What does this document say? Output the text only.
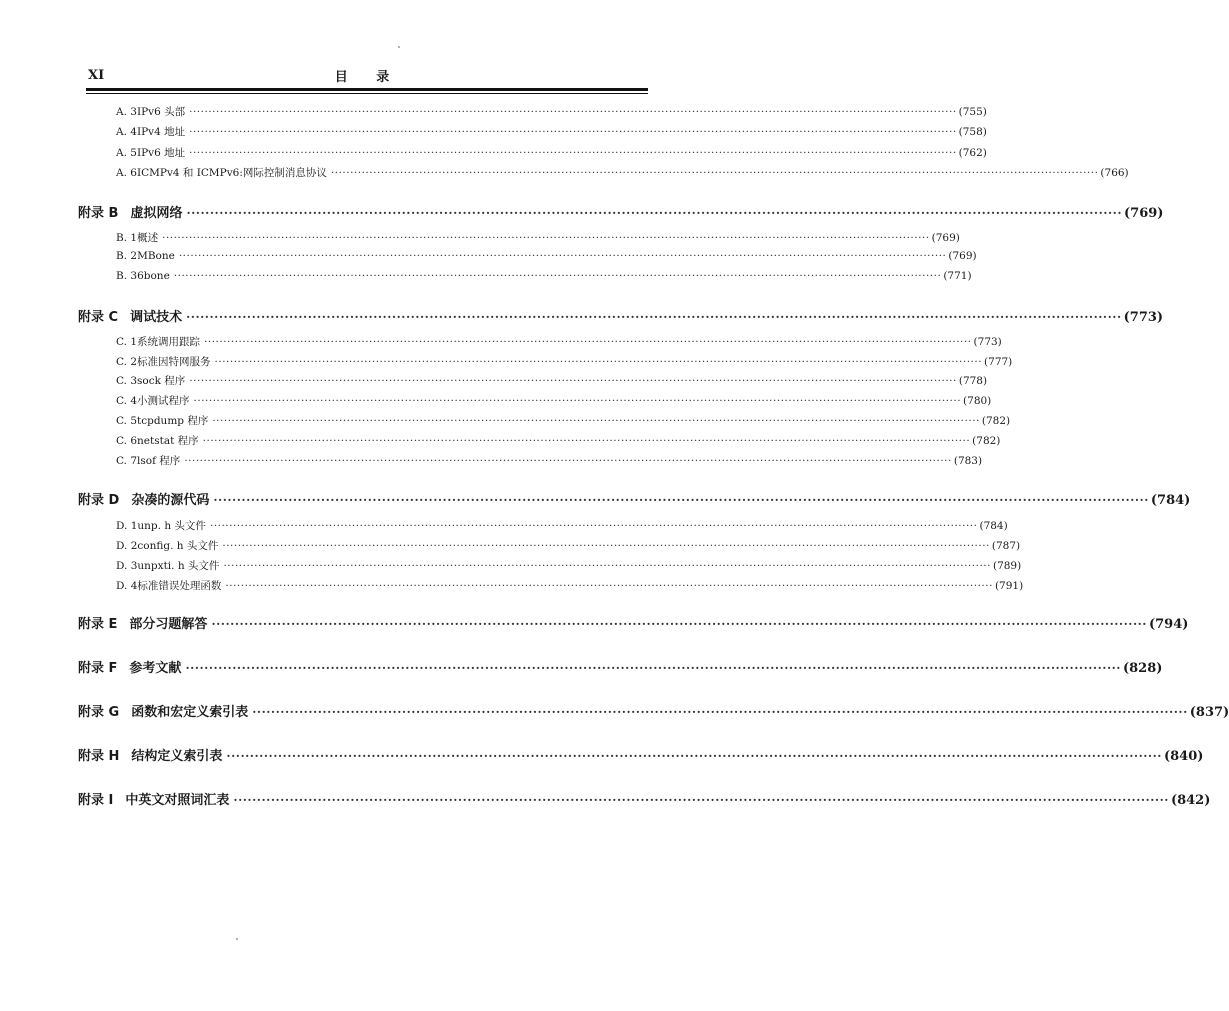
XI	目 录
A. 3 IPv6 头部 ········································································································································································································ (755)
A. 4 IPv4 地址 ········································································································································································································ (758)
A. 5 IPv6 地址 ········································································································································································································ (762)
A. 6 ICMPv4 和 ICMPv6:网际控制消息协议 ········································································································································································································ (766)
附录 B 虚拟网络 ········································································································································································································ (769)
B. 1 概述 ········································································································································································································ (769)
B. 2 MBone ········································································································································································································ (769)
B. 3 6bone ········································································································································································································ (771)
附录 C 调试技术 ········································································································································································································ (773)
C. 1 系统调用跟踪 ········································································································································································································ (773)
C. 2 标准因特网服务 ········································································································································································································ (777)
C. 3 sock 程序 ········································································································································································································ (778)
C. 4 小测试程序 ········································································································································································································ (780)
C. 5 tcpdump 程序 ········································································································································································································ (782)
C. 6 netstat 程序 ········································································································································································································ (782)
C. 7 lsof 程序 ········································································································································································································ (783)
附录 D 杂凑的源代码 ········································································································································································································ (784)
D. 1 unp. h 头文件 ········································································································································································································ (784)
D. 2 config. h 头文件 ········································································································································································································ (787)
D. 3 unpxti. h 头文件 ········································································································································································································ (789)
D. 4 标准错误处理函数 ········································································································································································································ (791)
附录 E 部分习题解答 ········································································································································································································ (794)
附录 F 参考文献 ········································································································································································································ (828)
附录 G 函数和宏定义索引表 ········································································································································································································ (837)
附录 H 结构定义索引表 ········································································································································································································ (840)
附录 I 中英文对照词汇表 ········································································································································································································ (842)
